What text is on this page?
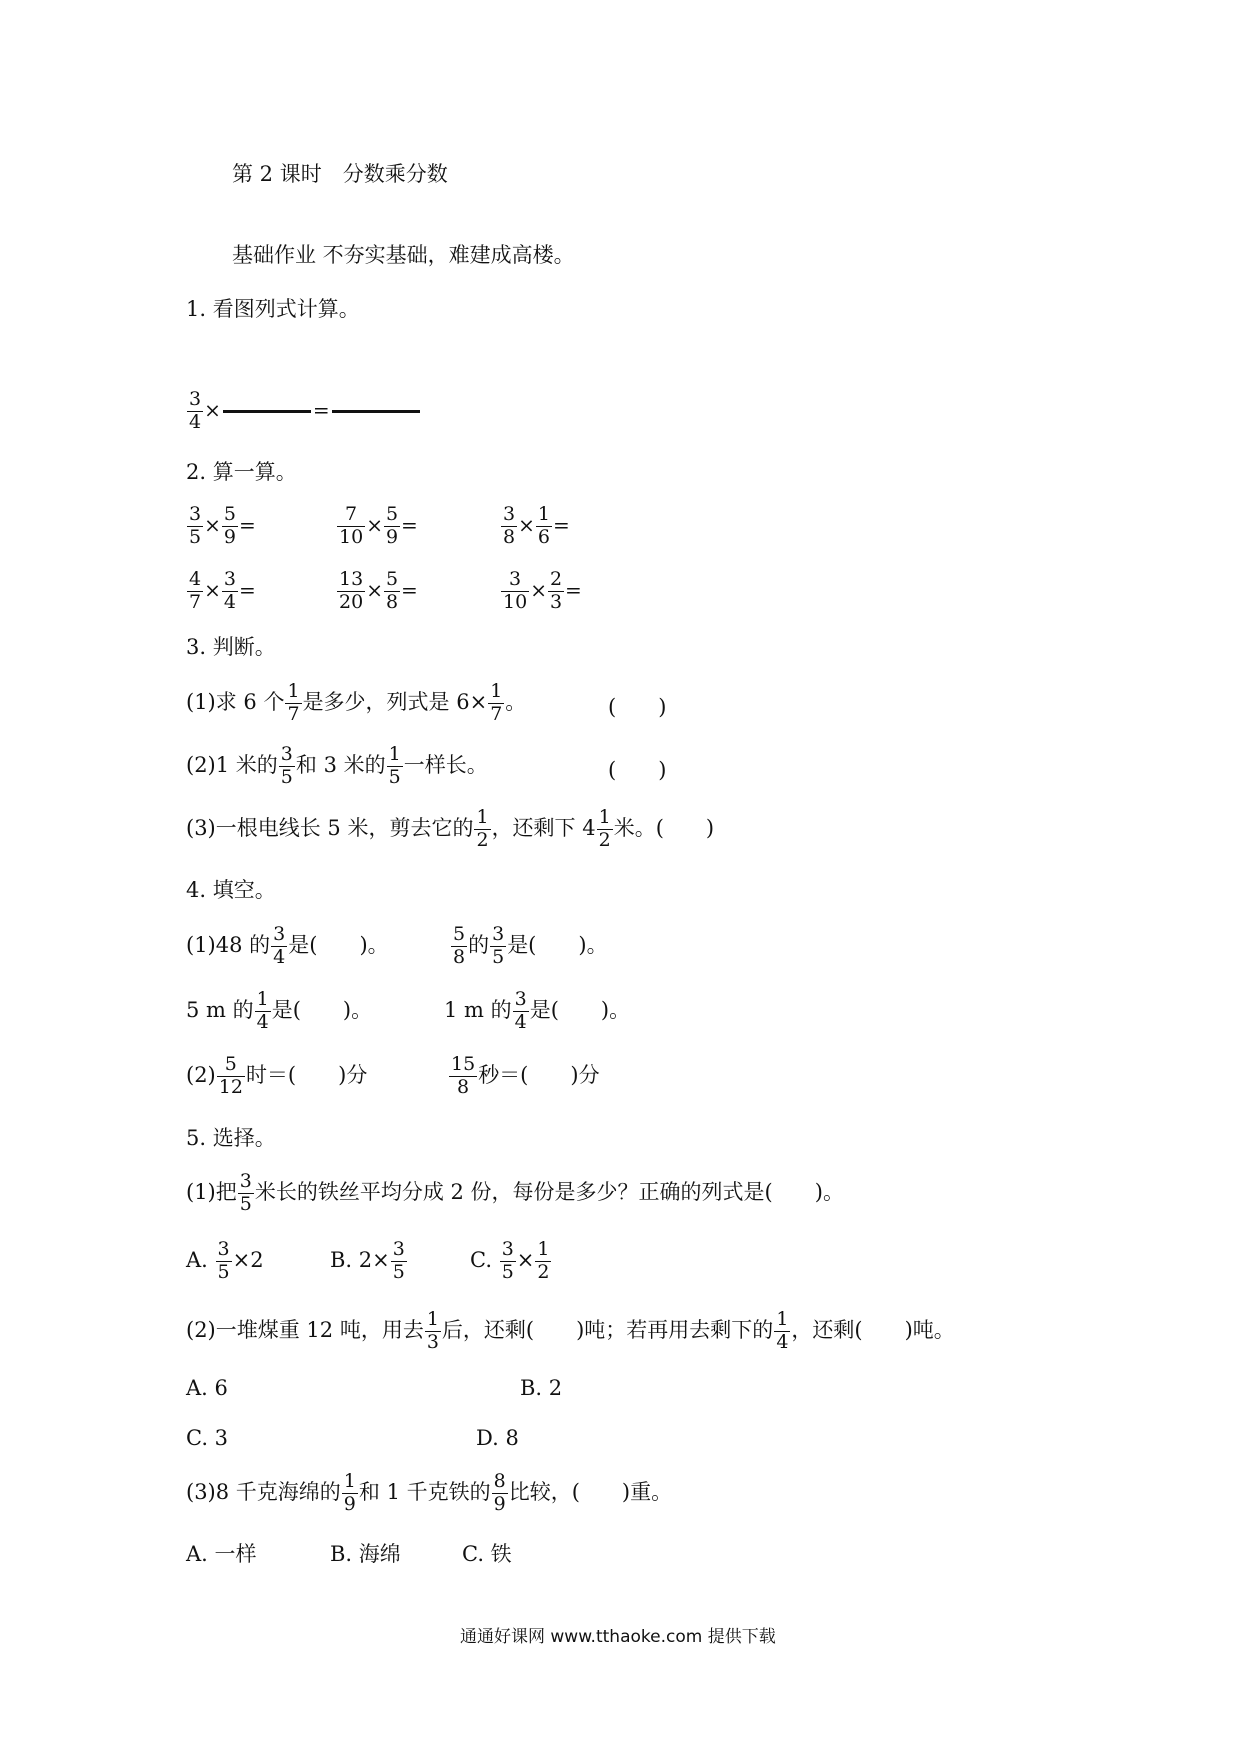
第 2 课时　分数乘分数
基础作业 不夯实基础，难建成高楼。
1. 看图列式计算。
$\frac{3}{4}$ ×	=
2. 算一算。
$\frac{3}{5} \times \frac{5}{9}$ =	$\frac{7}{10} \times \frac{5}{9}$ =	$\frac{3}{8} \times \frac{1}{6}$ =
$\frac{4}{7} \times \frac{3}{4}$ =	$\frac{13}{20} \times \frac{5}{8}$ =	$\frac{3}{10} \times \frac{2}{3}$ =
3. 判断。
(1)求 6 个 $\frac{1}{7}$ 是多少，列式是 $6\times \frac{1}{7}$ 。	(　　)
(2)1 米的 $\frac{3}{5}$ 和 3 米的 $\frac{1}{5}$ 一样长。	(　　)
(3)一根电线长 5 米，剪去它的 $\frac{1}{2}$ ，还剩下 $4 \frac{1}{2}$ 米。(　　)
4. 填空。
(1)48 的 $\frac{3}{4}$ 是(　　)。	$\frac{5}{8}$ 的 $\frac{3}{5}$ 是(　　)。
5 m 的 $\frac{1}{4}$ 是(　　)。	1 m 的 $\frac{3}{4}$ 是(　　)。
$(2) \frac{5}{12}$ 时＝(　　)分	$\frac{15}{8}$ 秒＝(　　)分
5. 选择。
(1)把 $\frac{3}{5}$ 米长的铁丝平均分成 2 份，每份是多少？正确的列式是(　　)。
A. $\frac{3}{5} \times 2$	B. $2\times \frac{3}{5}$	C. $\frac{3}{5} \times \frac{1}{2}$
(2)一堆煤重 12 吨，用去 $\frac{1}{3}$ 后，还剩(　　)吨；若再用去剩下的 $\frac{1}{4}$ ，还剩(　　)吨。
A. 6	B. 2
C. 3	D. 8
(3)8 千克海绵的 $\frac{1}{9}$ 和 1 千克铁的 $\frac{8}{9}$ 比较，(　　)重。
A. 一样	B. 海绵	C. 铁
通通好课网 www.tthaoke.com 提供下载
